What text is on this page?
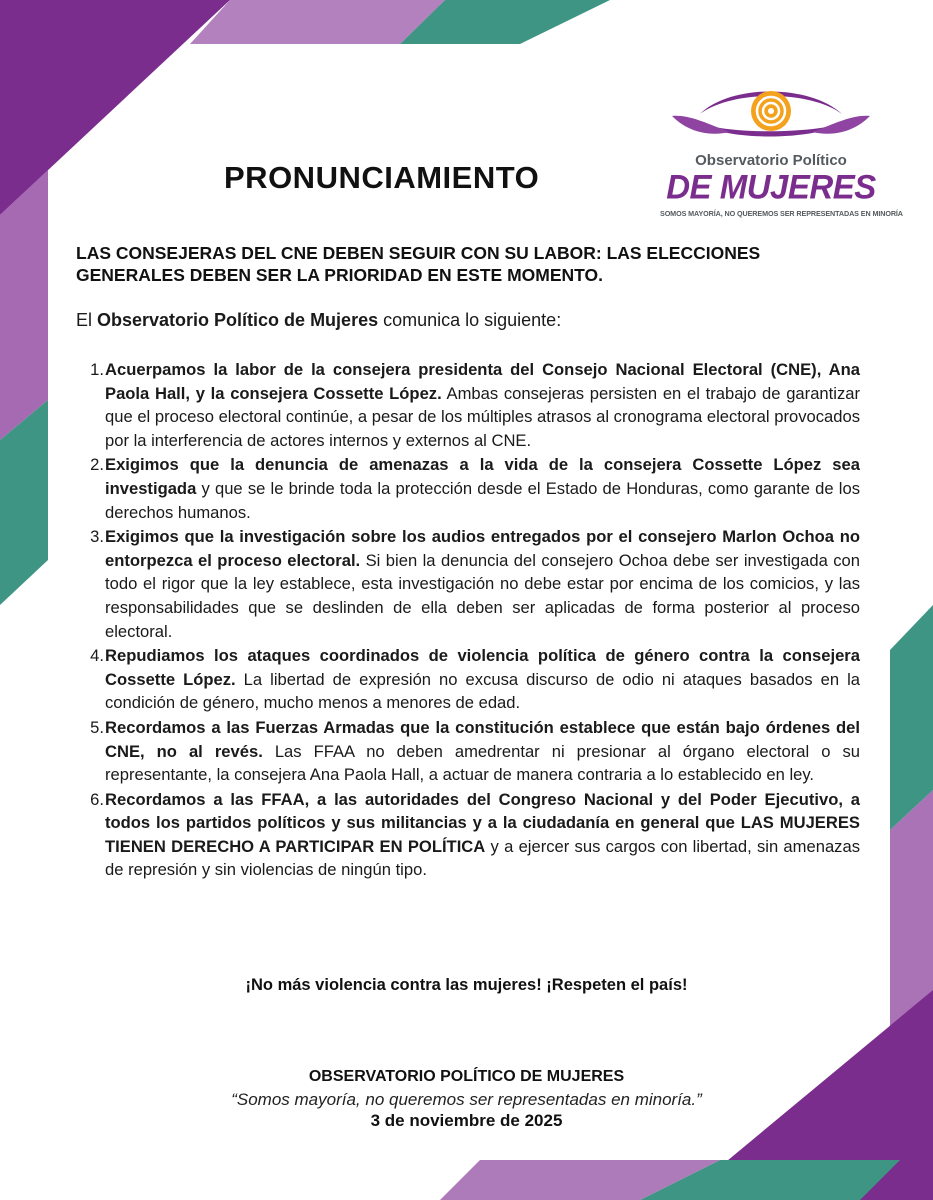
Observatorio Político
DE MUJERES
SOMOS MAYORÍA, NO QUEREMOS SER REPRESENTADAS EN MINORÍA
PRONUNCIAMIENTO
LAS CONSEJERAS DEL CNE DEBEN SEGUIR CON SU LABOR: LAS ELECCIONES GENERALES DEBEN SER LA PRIORIDAD EN ESTE MOMENTO.
El Observatorio Político de Mujeres comunica lo siguiente:
1. Acuerpamos la labor de la consejera presidenta del Consejo Nacional Electoral (CNE), Ana Paola Hall, y la consejera Cossette López. Ambas consejeras persisten en el trabajo de garantizar que el proceso electoral continúe, a pesar de los múltiples atrasos al cronograma electoral provocados por la interferencia de actores internos y externos al CNE.
2. Exigimos que la denuncia de amenazas a la vida de la consejera Cossette López sea investigada y que se le brinde toda la protección desde el Estado de Honduras, como garante de los derechos humanos.
3. Exigimos que la investigación sobre los audios entregados por el consejero Marlon Ochoa no entorpezca el proceso electoral. Si bien la denuncia del consejero Ochoa debe ser investigada con todo el rigor que la ley establece, esta investigación no debe estar por encima de los comicios, y las responsabilidades que se deslinden de ella deben ser aplicadas de forma posterior al proceso electoral.
4. Repudiamos los ataques coordinados de violencia política de género contra la consejera Cossette López. La libertad de expresión no excusa discurso de odio ni ataques basados en la condición de género, mucho menos a menores de edad.
5. Recordamos a las Fuerzas Armadas que la constitución establece que están bajo órdenes del CNE, no al revés. Las FFAA no deben amedrentar ni presionar al órgano electoral o su representante, la consejera Ana Paola Hall, a actuar de manera contraria a lo establecido en ley.
6. Recordamos a las FFAA, a las autoridades del Congreso Nacional y del Poder Ejecutivo, a todos los partidos políticos y sus militancias y a la ciudadanía en general que LAS MUJERES TIENEN DERECHO A PARTICIPAR EN POLÍTICA y a ejercer sus cargos con libertad, sin amenazas de represión y sin violencias de ningún tipo.
¡No más violencia contra las mujeres! ¡Respeten el país!
OBSERVATORIO POLÍTICO DE MUJERES
“Somos mayoría, no queremos ser representadas en minoría.”
3 de noviembre de 2025
